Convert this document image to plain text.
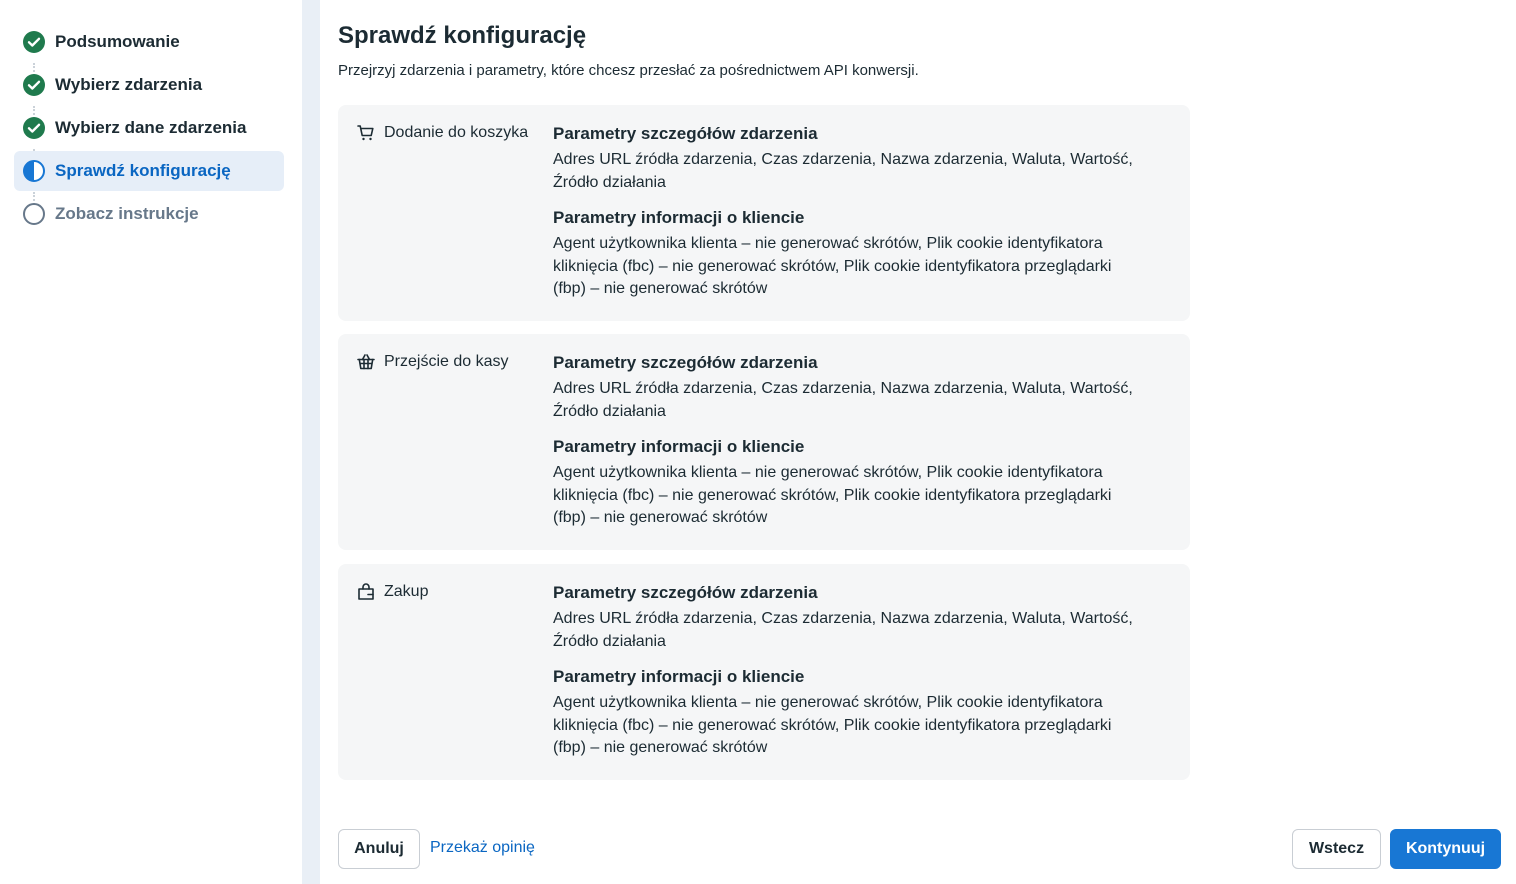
Podsumowanie
Wybierz zdarzenia
Wybierz dane zdarzenia
Sprawdź konfigurację
Zobacz instrukcje
Sprawdź konfigurację
Przejrzyj zdarzenia i parametry, które chcesz przesłać za pośrednictwem API konwersji.
Dodanie do koszyka Parametry szczegółów zdarzenia

Adres URL źródła zdarzenia, Czas zdarzenia, Nazwa zdarzenia, Waluta, Wartość, Źródło działania

Parametry informacji o kliencie

Agent użytkownika klienta – nie generować skrótów, Plik cookie identyfikatora kliknięcia (fbc) – nie generować skrótów, Plik cookie identyfikatora przeglądarki (fbp) – nie generować skrótów

Przejście do kasy	Parametry szczegółów zdarzenia

Adres URL źródła zdarzenia, Czas zdarzenia, Nazwa zdarzenia, Waluta, Wartość, Źródło działania

Parametry informacji o kliencie

Agent użytkownika klienta – nie generować skrótów, Plik cookie identyfikatora kliknięcia (fbc) – nie generować skrótów, Plik cookie identyfikatora przeglądarki (fbp) – nie generować skrótów

Zakup	Parametry szczegółów zdarzenia

Adres URL źródła zdarzenia, Czas zdarzenia, Nazwa zdarzenia, Waluta, Wartość, Źródło działania

Parametry informacji o kliencie

Agent użytkownika klienta – nie generować skrótów, Plik cookie identyfikatora kliknięcia (fbc) – nie generować skrótów, Plik cookie identyfikatora przeglądarki (fbp) – nie generować skrótów

Anuluj	Przekaż opinię	Wstecz	Kontynuuj
